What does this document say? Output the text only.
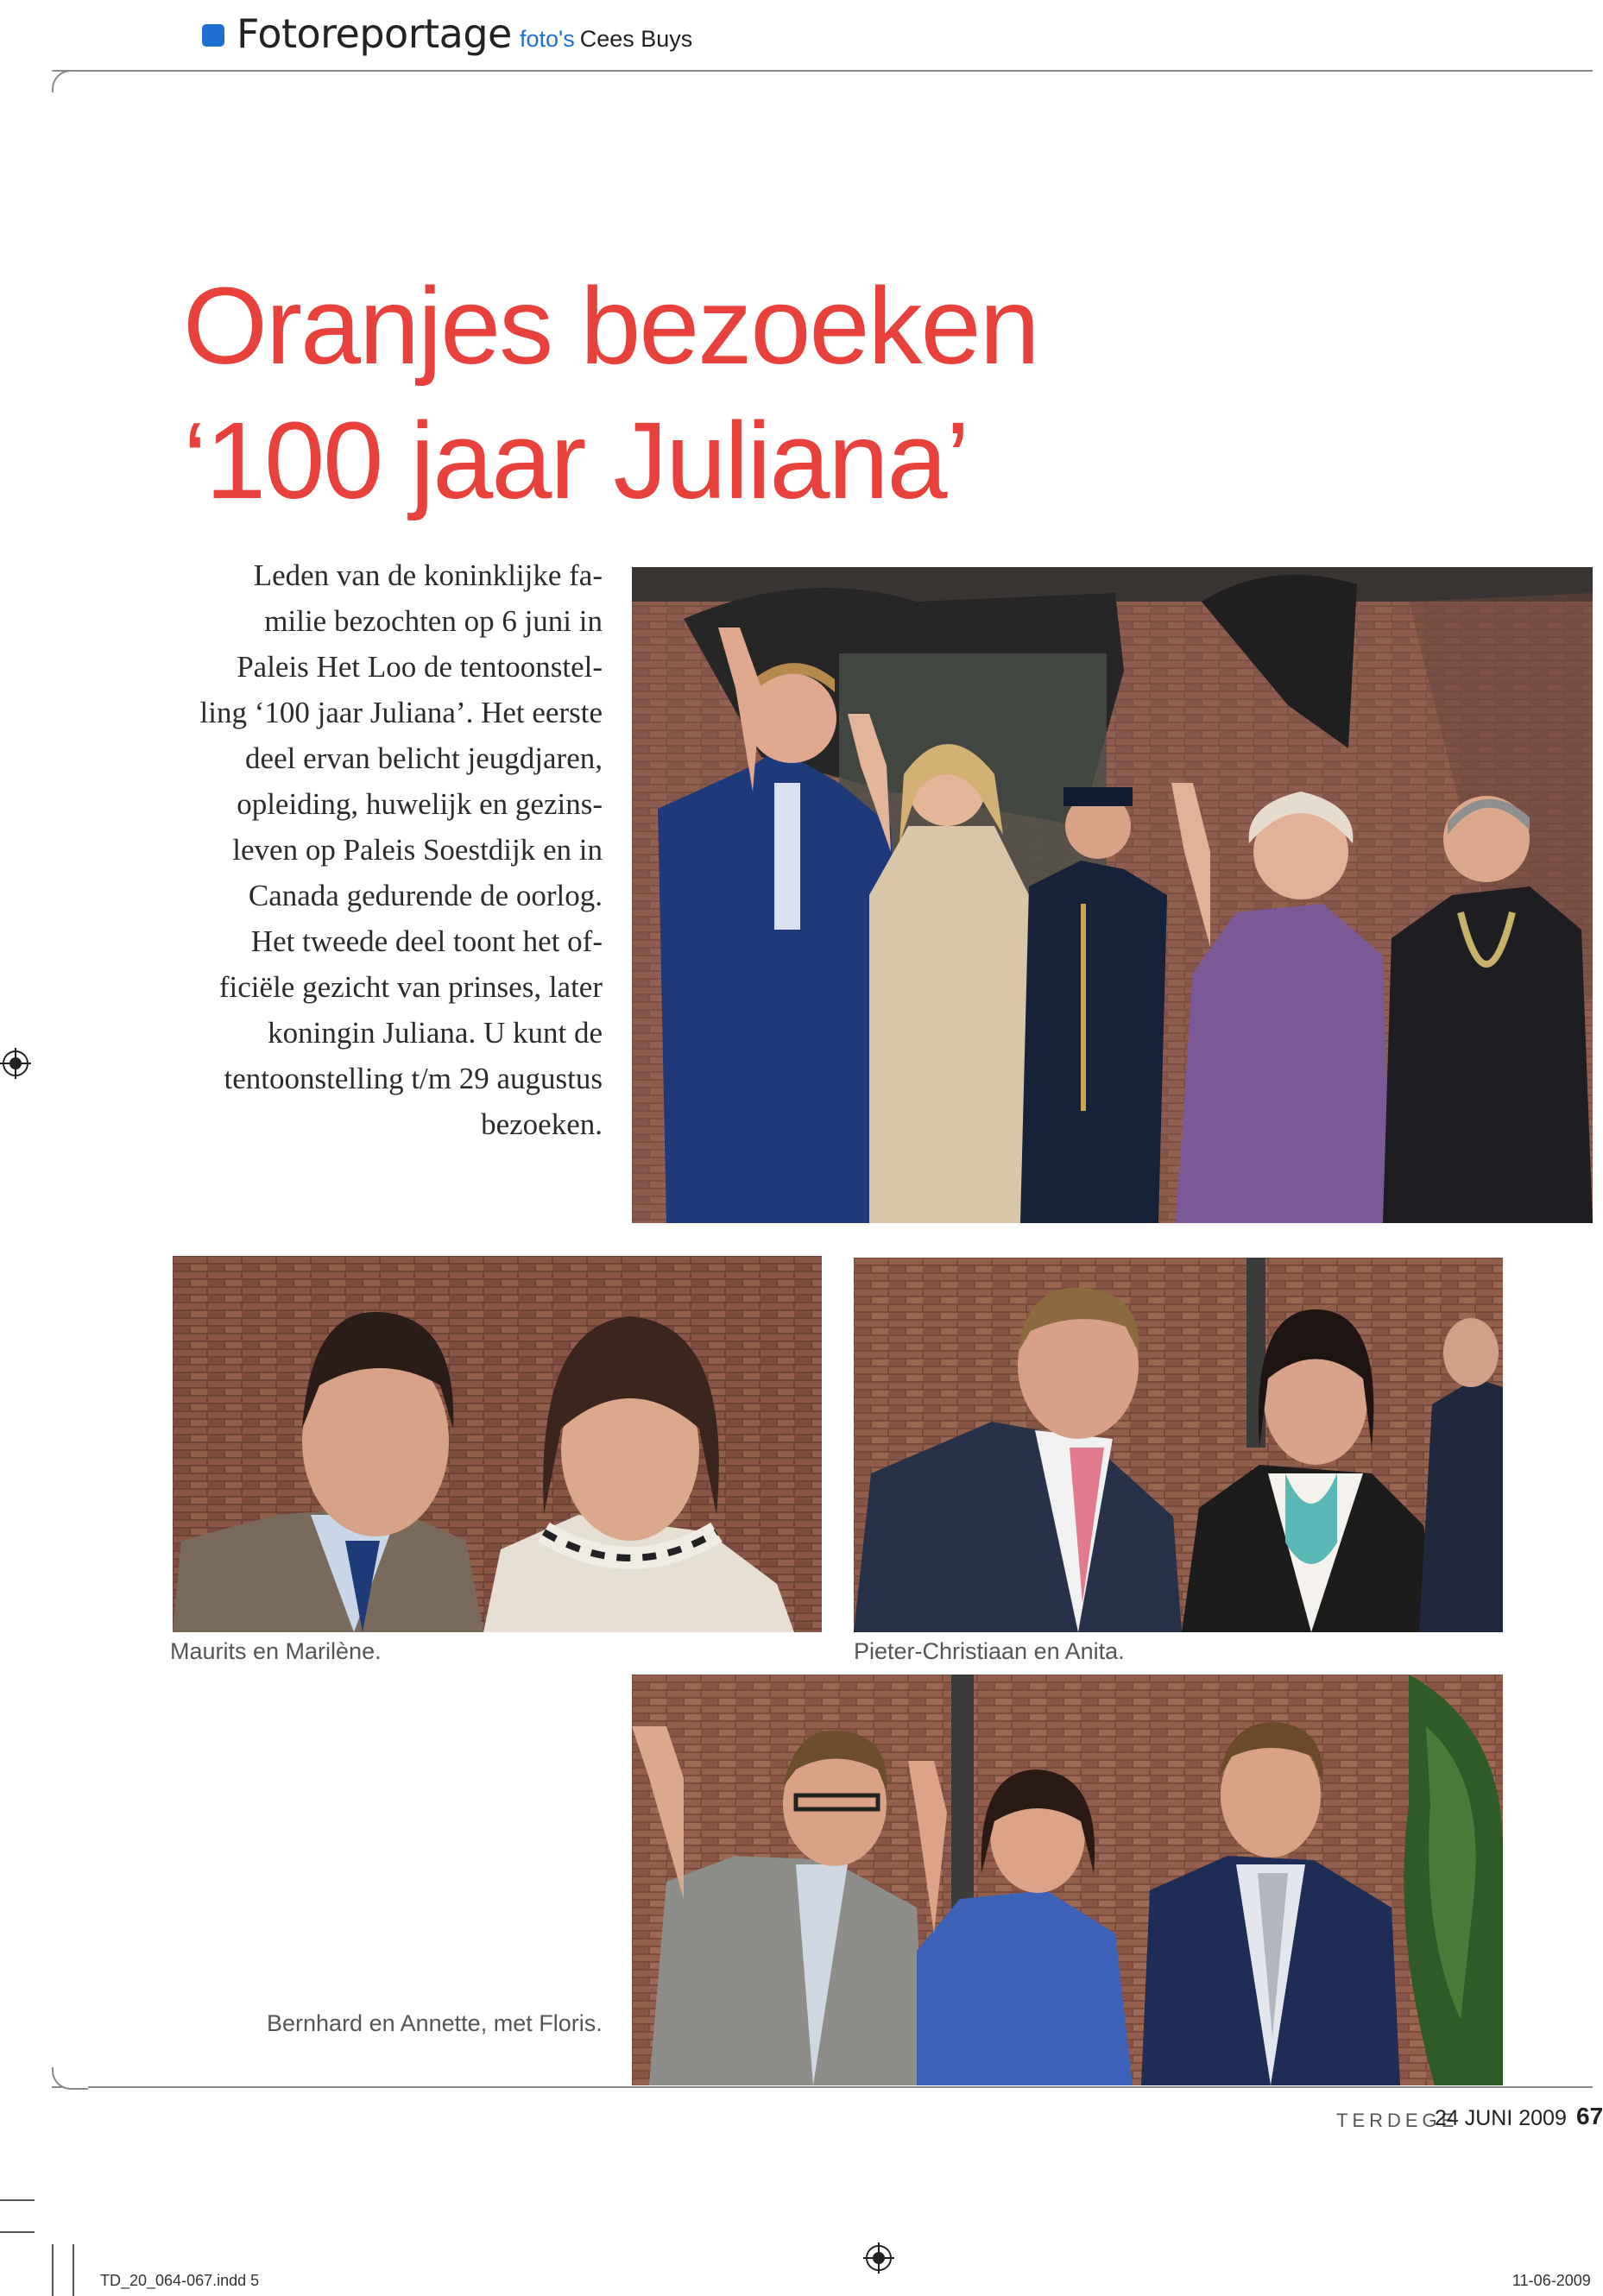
Fotoreportage foto's Cees Buys
Oranjes bezoeken
‘100 jaar Juliana’
Leden van de koninklijke fa-
milie bezochten op 6 juni in
Paleis Het Loo de tentoonstel-
ling ‘100 jaar Juliana’. Het eerste
deel ervan belicht jeugdjaren,
opleiding, huwelijk en gezins-
leven op Paleis Soestdijk en in
Canada gedurende de oorlog.
Het tweede deel toont het of-
ficiële gezicht van prinses, later
koningin Juliana. U kunt de
tentoonstelling t/m 29 augustus
bezoeken.
Maurits en Marilène.	Pieter-Christiaan en Anita.
Bernhard en Annette, met Floris.
TERDEGE
24 JUNI 2009 67
TD_20_064-067.indd 5	11-06-2009
